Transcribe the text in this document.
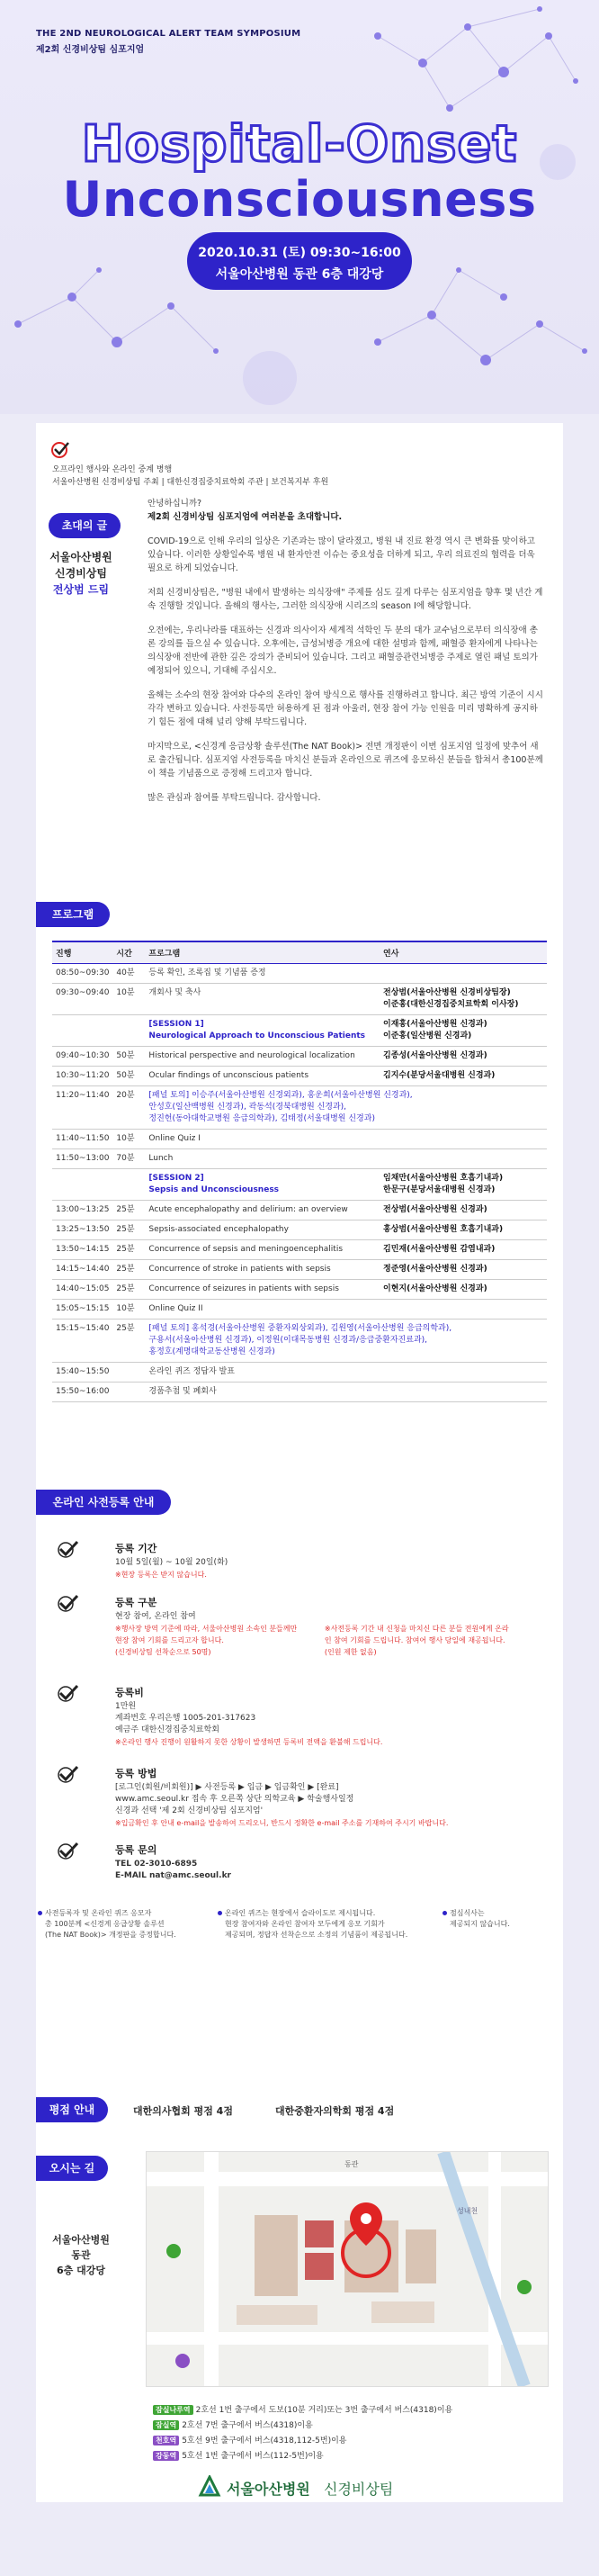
THE 2ND NEUROLOGICAL ALERT TEAM SYMPOSIUM
제2회 신경비상팀 심포지엄
Hospital-Onset
Unconsciousness
2020.10.31 (토) 09:30~16:00
서울아산병원 동관 6층 대강당
오프라인 행사와 온라인 중계 병행
서울아산병원 신경비상팀 주최 | 대한신경집중치료학회 주관 | 보건복지부 후원
초대의 글
서울아산병원
신경비상팀
전상범 드림

안녕하십니까?
제2회 신경비상팀 심포지엄에 여러분을 초대합니다.

COVID-19으로 인해 우리의 일상은 기존과는 많이 달라졌고, 병원 내 진료 환경 역시 큰 변화를 맞이하고 있습니다. 이러한 상황일수록 병원 내 환자안전 이슈는 중요성을 더하게 되고, 우리 의료진의 협력을 더욱 필요로 하게 되었습니다.

저희 신경비상팀은, "병원 내에서 발생하는 의식장애" 주제를 심도 깊게 다루는 심포지엄을 향후 몇 년간 계속 진행할 것입니다. 올해의 행사는, 그러한 의식장애 시리즈의 season I에 해당합니다.

오전에는, 우리나라를 대표하는 신경과 의사이자 세계적 석학인 두 분의 대가 교수님으로부터 의식장애 총론 강의를 들으실 수 있습니다. 오후에는, 급성뇌병증 개요에 대한 설명과 함께, 패혈증 환자에게 나타나는 의식장애 전반에 관한 깊은 강의가 준비되어 있습니다. 그리고 패혈증관련뇌병증 주제로 열린 패널 토의가 예정되어 있으니, 기대해 주십시오.

올해는 소수의 현장 참여와 다수의 온라인 참여 방식으로 행사를 진행하려고 합니다. 최근 방역 기준이 시시각각 변하고 있습니다. 사전등록만 허용하게 된 점과 아울러, 현장 참여 가능 인원을 미리 명확하게 공지하기 힘든 점에 대해 널리 양해 부탁드립니다.

마지막으로, <신경계 응급상황 솔루션(The NAT Book)> 전면 개정판이 이번 심포지엄 일정에 맞추어 새로 출간됩니다. 심포지엄 사전등록을 마치신 분들과 온라인으로 퀴즈에 응모하신 분들을 합쳐서 총100분께 이 책을 기념품으로 증정해 드리고자 합니다.

많은 관심과 참여를 부탁드립니다. 감사합니다.

프로그램
진행	시간	프로그램	연사
08:50~09:30	40분	등록 확인, 조록집 및 기념품 증정	
09:30~09:40	10분	개회사 및 축사	전상범(서울아산병원 신경비상팀장)
이준홍(대한신경집중치료학회 이사장)
		[SESSION 1]
Neurological Approach to Unconscious Patients	이재홍(서울아산병원 신경과)
이준홍(일산병원 신경과)
09:40~10:30	50분	Historical perspective and neurological localization	김종성(서울아산병원 신경과)
10:30~11:20	50분	Ocular findings of unconscious patients	김지수(분당서울대병원 신경과)
11:20~11:40	20분	[패널 토의] 이승주(서울아산병원 신경외과), 홍운희(서울아산병원 신경과),
안성호(일산백병원 신경과), 곽동석(경북대병원 신경과),
정진헌(동아대학교병원 응급의학과), 김태정(서울대병원 신경과)	
11:40~11:50	10분	Online Quiz I	
11:50~13:00	70분	Lunch	
		[SESSION 2]
Sepsis and Unconsciousness	임채만(서울아산병원 호흡기내과)
한문구(분당서울대병원 신경과)
13:00~13:25	25분	Acute encephalopathy and delirium: an overview	전상범(서울아산병원 신경과)
13:25~13:50	25분	Sepsis-associated encephalopathy	홍상범(서울아산병원 호흡기내과)
13:50~14:15	25분	Concurrence of sepsis and meningoencephalitis	김민재(서울아산병원 감염내과)
14:15~14:40	25분	Concurrence of stroke in patients with sepsis	정준영(서울아산병원 신경과)
14:40~15:05	25분	Concurrence of seizures in patients with sepsis	이현지(서울아산병원 신경과)
15:05~15:15	10분	Online Quiz II	
15:15~15:40	25분	[패널 토의] 홍석경(서울아산병원 중환자외상외과), 김원영(서울아산병원 응급의학과),
구용서(서울아산병원 신경과), 이정원(이대목동병원 신경과/응급중환자진료과),
홍정호(계명대학교동산병원 신경과)	
15:40~15:50		온라인 퀴즈 정답자 발표	
15:50~16:00		경품추첨 및 폐회사	
온라인 사전등록 안내
등록 기간
10월 5일(월) ~ 10월 20일(화)
※현장 등록은 받지 않습니다.
등록 구분
현장 참여, 온라인 참여
※행사장 방역 기준에 따라, 서울아산병원 소속인 분들께만 현장 참여 기회를 드리고자 합니다.
(신경비상팀 선착순으로 50명) ※사전등록 기간 내 신청을 마치신 다른 분들 전원에게 온라인 참여 기회를 드립니다. 참여어 행사 당일에 재공됩니다.
(인원 제한 없음)
등록비
1만원
계좌번호 우리은행 1005-201-317623
예금주 대한신경집중치료학회
※온라인 행사 진행이 원활하지 못한 상황이 발생하면 등록비 전액을 환불해 드립니다.
등록 방법
[로그인(회원/비회원)] ▶ 사전등록 ▶ 입금 ▶ 입금확인 ▶ [완료]
www.amc.seoul.kr 접속 후 오른쪽 상단 의학교육 ▶ 학술행사일정
신경과 선택 '제 2회 신경비상팀 심포지엄'
※입금확인 후 안내 e-mail을 발송하여 드리오니, 반드시 정확한 e-mail 주소를 기재하여 주시기 바랍니다.
등록 문의
TEL 02-3010-6895
E-MAIL nat@amc.seoul.kr
사전등록자 및 온라인 퀴즈 응모자
총 100분께 <신경계 응급상황 솔루션
(The NAT Book)> 개정판을 증정합니다.
온라인 퀴즈는 현장에서 슬라이도로 제시됩니다.
현장 참여자와 온라인 참여자 모두에게 응모 기회가
제공되며, 정답자 선착순으로 소정의 기념품이 제공됩니다.
점심식사는
제공되지 않습니다.
평점 안내	대한의사협회 평점 4점	대한중환자의학회 평점 4점
오시는 길
서울아산병원
동관
6층 대강당
동관
성내천
잠실나루역 2호선 1번 출구에서 도보(10분 거리)또는 3번 출구에서 버스(4318)이용
잠실역 2호선 7번 출구에서 버스(4318)이용
천호역 5호선 9번 출구에서 버스(4318,112-5번)이용
강동역 5호선 1번 출구에서 버스(112-5번)이용
서울아산병원 신경비상팀
